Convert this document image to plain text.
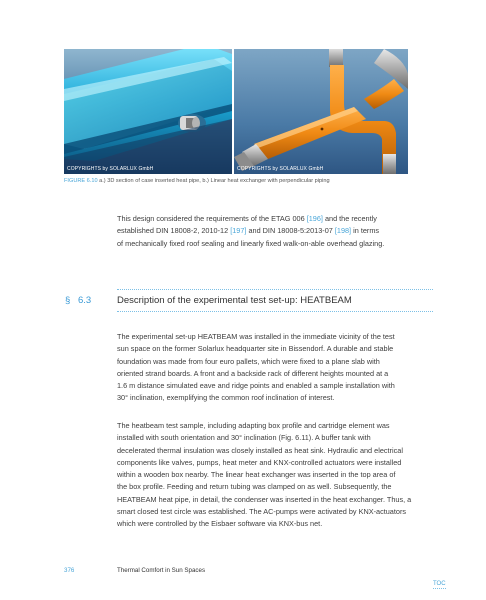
COPYRIGHTS by SOLARLUX GmbH	COPYRIGHTS by SOLARLUX GmbH
FIGURE 6.10 a.) 3D section of case inserted heat pipe, b.) Linear heat exchanger with perpendicular piping
This design considered the requirements of the ETAG 006 [196] and the recently
established DIN 18008-2, 2010-12 [197] and DIN 18008-5:2013-07 [198] in terms
of mechanically fixed roof sealing and linearly fixed walk-on-able overhead glazing.
§ 6.3	Description of the experimental test set-up: HEATBEAM
The experimental set-up HEATBEAM was installed in the immediate vicinity of the test
sun space on the former Solarlux headquarter site in Bissendorf. A durable and stable
foundation was made from four euro pallets, which were fixed to a plane slab with
oriented strand boards. A front and a backside rack of different heights mounted at a
1.6 m distance simulated eave and ridge points and enabled a sample installation with
30° inclination, exemplifying the common roof inclination of interest.
The heatbeam test sample, including adapting box profile and cartridge element was
installed with south orientation and 30° inclination (Fig. 6.11). A buffer tank with
decelerated thermal insulation was closely installed as heat sink. Hydraulic and electrical
components like valves, pumps, heat meter and KNX-controlled actuators were installed
within a wooden box nearby. The linear heat exchanger was inserted in the top area of
the box profile. Feeding and return tubing was clamped on as well. Subsequently, the
HEATBEAM heat pipe, in detail, the condenser was inserted in the heat exchanger. Thus, a
smart closed test circle was established. The AC-pumps were activated by KNX-actuators
which were controlled by the Eisbaer software via KNX-bus net.
376	Thermal Comfort in Sun Spaces
TOC
